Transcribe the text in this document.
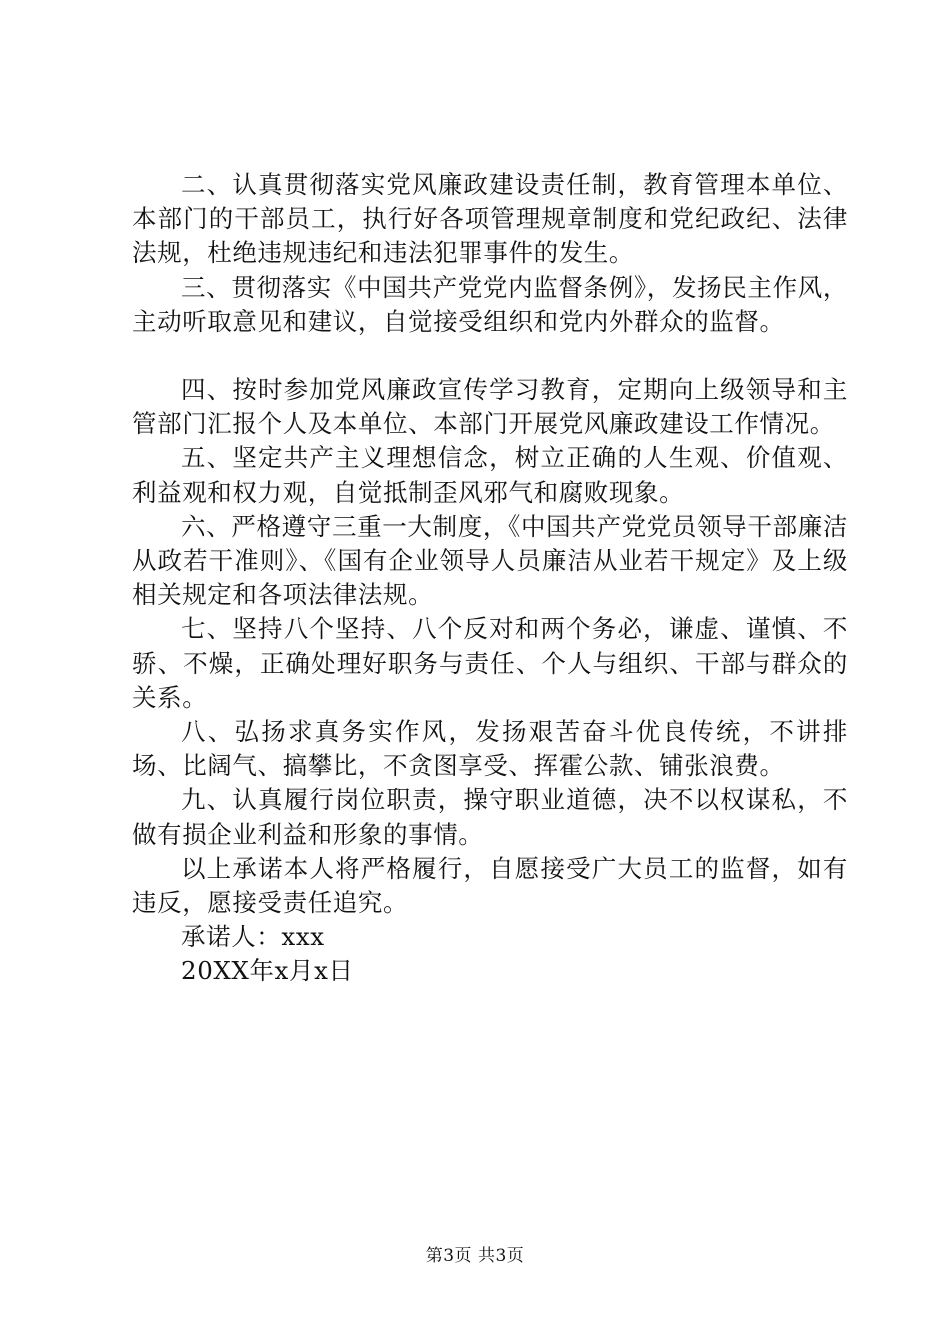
二、认真贯彻落实党风廉政建设责任制，教育管理本单位、本部门的干部员工，执行好各项管理规章制度和党纪政纪、法律法规，杜绝违规违纪和违法犯罪事件的发生。

三、贯彻落实《中国共产党党内监督条例》，发扬民主作风，主动听取意见和建议，自觉接受组织和党内外群众的监督。

四、按时参加党风廉政宣传学习教育，定期向上级领导和主管部门汇报个人及本单位、本部门开展党风廉政建设工作情况。

五、坚定共产主义理想信念，树立正确的人生观、价值观、利益观和权力观，自觉抵制歪风邪气和腐败现象。

六、严格遵守三重一大制度，《中国共产党党员领导干部廉洁从政若干准则》、《国有企业领导人员廉洁从业若干规定》及上级相关规定和各项法律法规。

七、坚持八个坚持、八个反对和两个务必，谦虚、谨慎、不骄、不燥，正确处理好职务与责任、个人与组织、干部与群众的关系。

八、弘扬求真务实作风，发扬艰苦奋斗优良传统，不讲排场、比阔气、搞攀比，不贪图享受、挥霍公款、铺张浪费。

九、认真履行岗位职责，操守职业道德，决不以权谋私，不做有损企业利益和形象的事情。

以上承诺本人将严格履行，自愿接受广大员工的监督，如有违反，愿接受责任追究。

承诺人：xxx

20XX年x月x日

第3页 共3页
